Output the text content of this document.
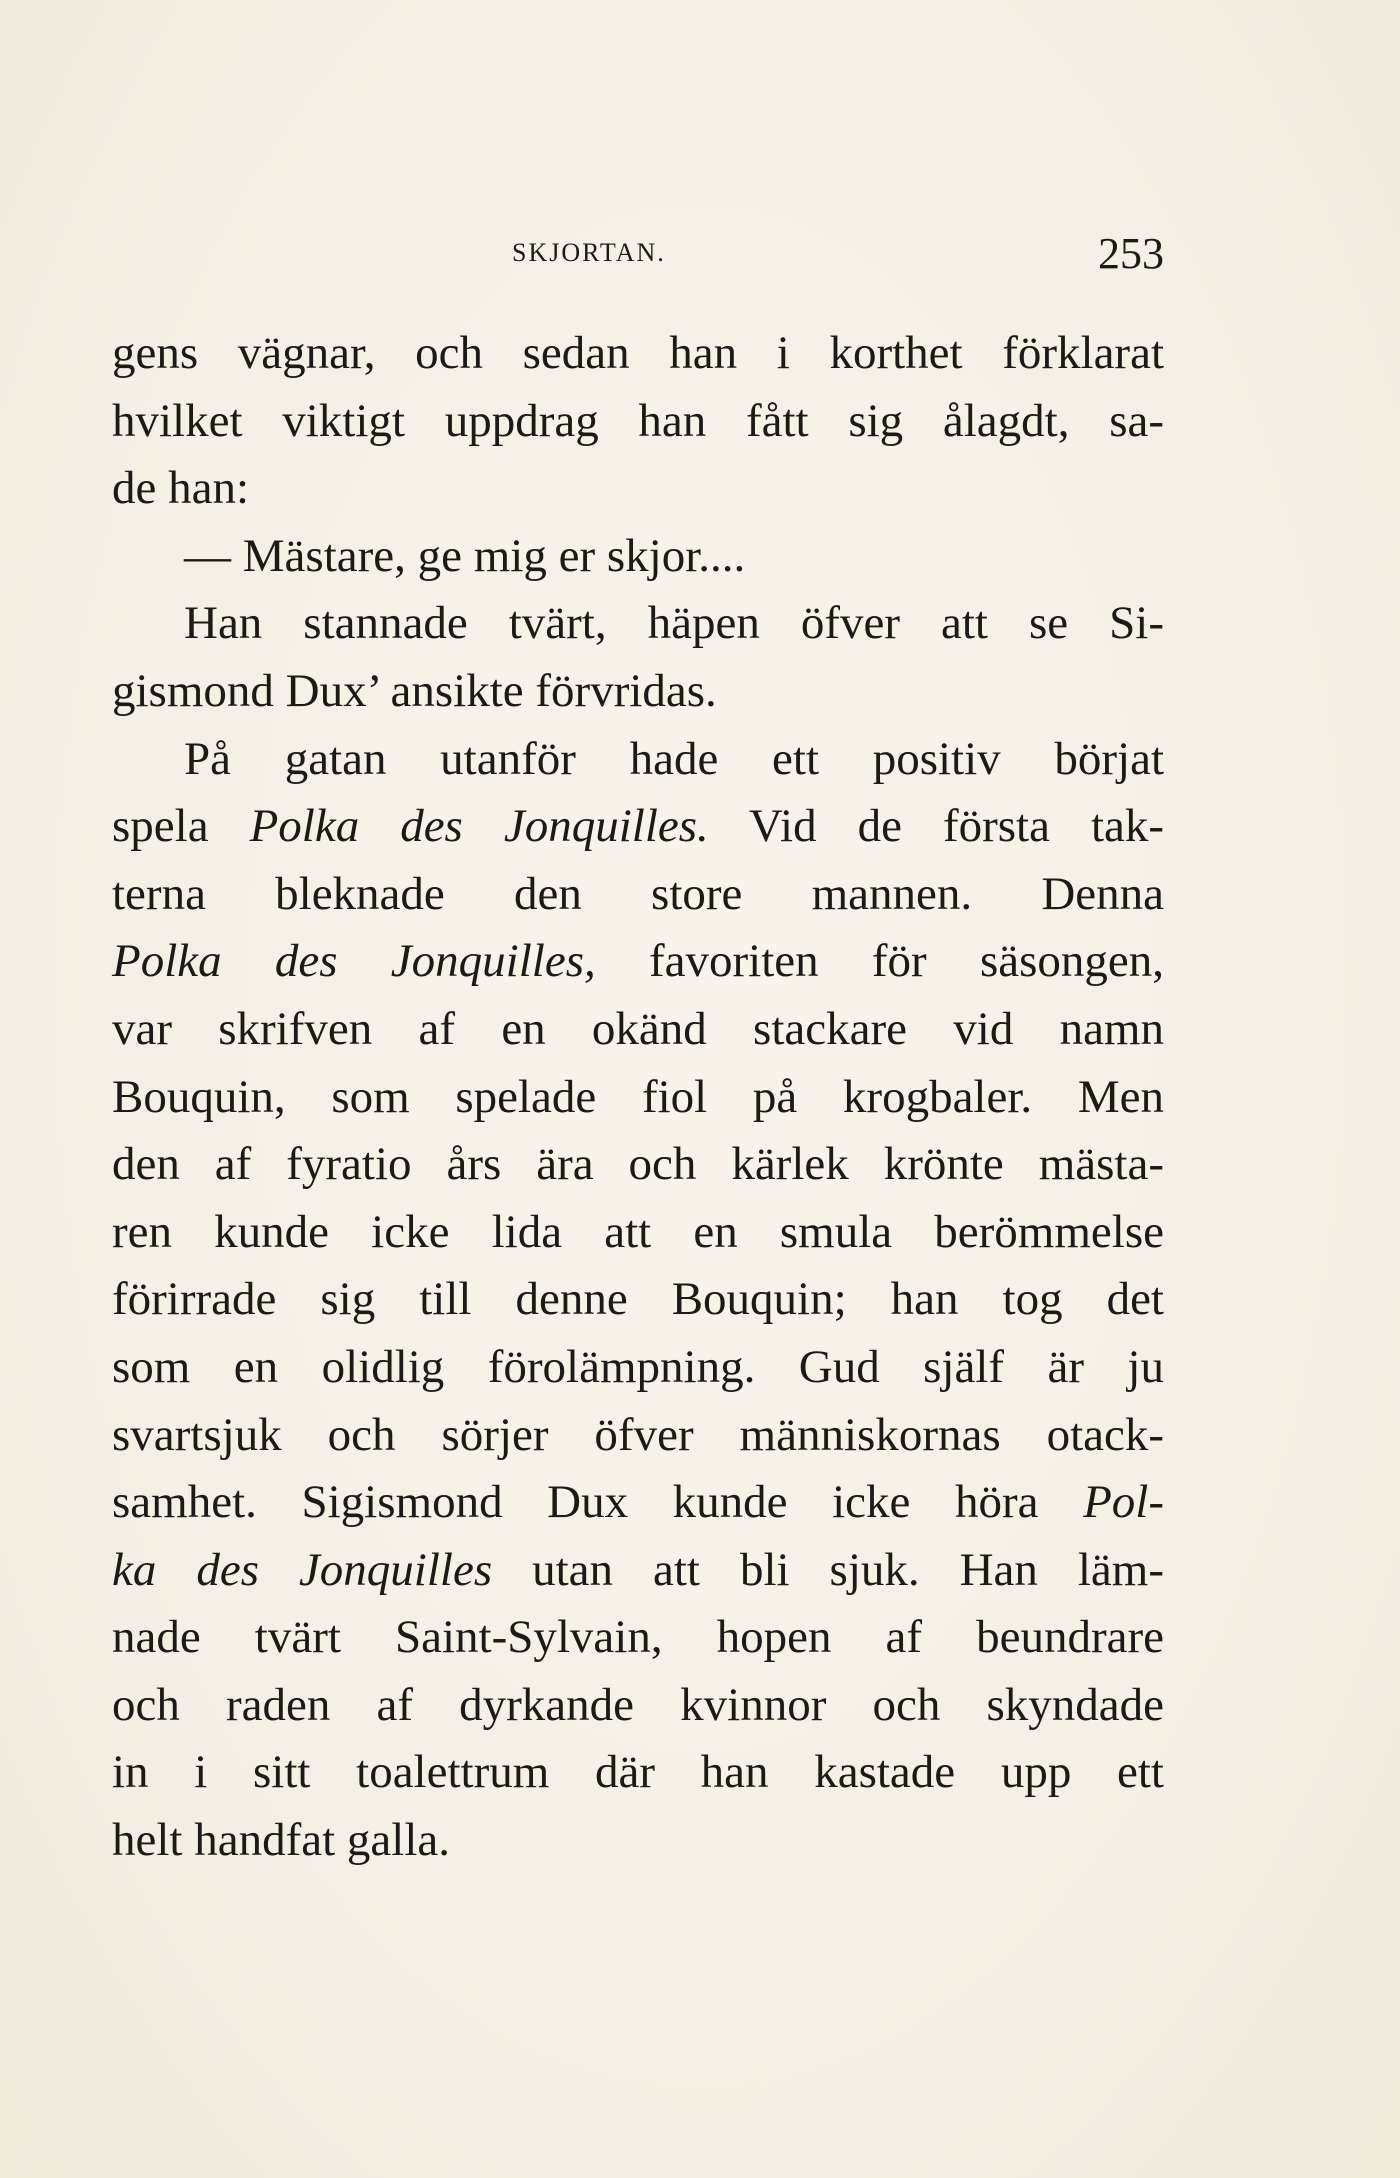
SKJORTAN.	253
gens vägnar, och sedan han i korthet förklarat
hvilket viktigt uppdrag han fått sig ålagdt, sa-
de han:
— Mästare, ge mig er skjor....
Han stannade tvärt, häpen öfver att se Si-
gismond Dux’ ansikte förvridas.
På gatan utanför hade ett positiv börjat
spela Polka des Jonquilles. Vid de första tak-
terna bleknade den store mannen. Denna
Polka des Jonquilles, favoriten för säsongen,
var skrifven af en okänd stackare vid namn
Bouquin, som spelade fiol på krogbaler. Men
den af fyratio års ära och kärlek krönte mästa-
ren kunde icke lida att en smula berömmelse
förirrade sig till denne Bouquin; han tog det
som en olidlig förolämpning. Gud själf är ju
svartsjuk och sörjer öfver människornas otack-
samhet. Sigismond Dux kunde icke höra Pol-
ka des Jonquilles utan att bli sjuk. Han läm-
nade tvärt Saint-Sylvain, hopen af beundrare
och raden af dyrkande kvinnor och skyndade
in i sitt toalettrum där han kastade upp ett
helt handfat galla.
